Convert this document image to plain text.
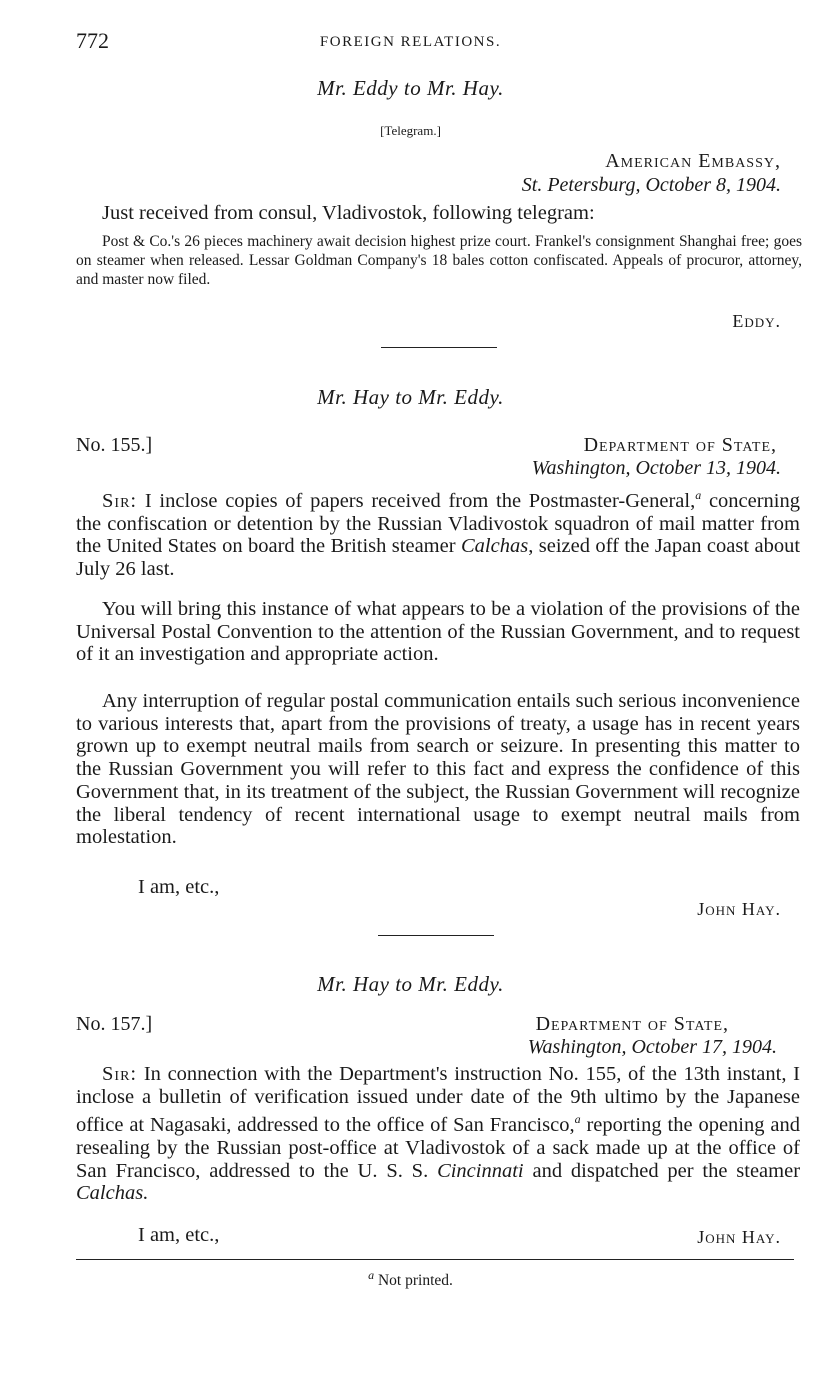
772	FOREIGN RELATIONS.
Mr. Eddy to Mr. Hay.
[Telegram.]
American Embassy,
St. Petersburg, October 8, 1904.
Just received from consul, Vladivostok, following telegram:
Post & Co.'s 26 pieces machinery await decision highest prize court. Frankel's consignment Shanghai free; goes on steamer when released. Lessar Goldman Company's 18 bales cotton confiscated. Appeals of procuror, attorney, and master now filed.
Eddy.
Mr. Hay to Mr. Eddy.
No. 155.]	Department of State,
Washington, October 13, 1904.
Sir: I inclose copies of papers received from the Postmaster-General,$^a$ concerning the confiscation or detention by the Russian Vladivostok squadron of mail matter from the United States on board the British steamer Calchas, seized off the Japan coast about July 26 last.
You will bring this instance of what appears to be a violation of the provisions of the Universal Postal Convention to the attention of the Russian Government, and to request of it an investigation and appropriate action.
Any interruption of regular postal communication entails such serious inconvenience to various interests that, apart from the provisions of treaty, a usage has in recent years grown up to exempt neutral mails from search or seizure. In presenting this matter to the Russian Government you will refer to this fact and express the confidence of this Government that, in its treatment of the subject, the Russian Government will recognize the liberal tendency of recent international usage to exempt neutral mails from molestation.
I am, etc.,
John Hay.
Mr. Hay to Mr. Eddy.
No. 157.]	Department of State,
Washington, October 17, 1904.
Sir: In connection with the Department's instruction No. 155, of the 13th instant, I inclose a bulletin of verification issued under date of the 9th ultimo by the Japanese office at Nagasaki, addressed to the office of San Francisco,$^a$ reporting the opening and resealing by the Russian post-office at Vladivostok of a sack made up at the office of San Francisco, addressed to the U. S. S. Cincinnati and dispatched per the steamer Calchas.
I am, etc.,	John Hay.
$^a$ Not printed.
